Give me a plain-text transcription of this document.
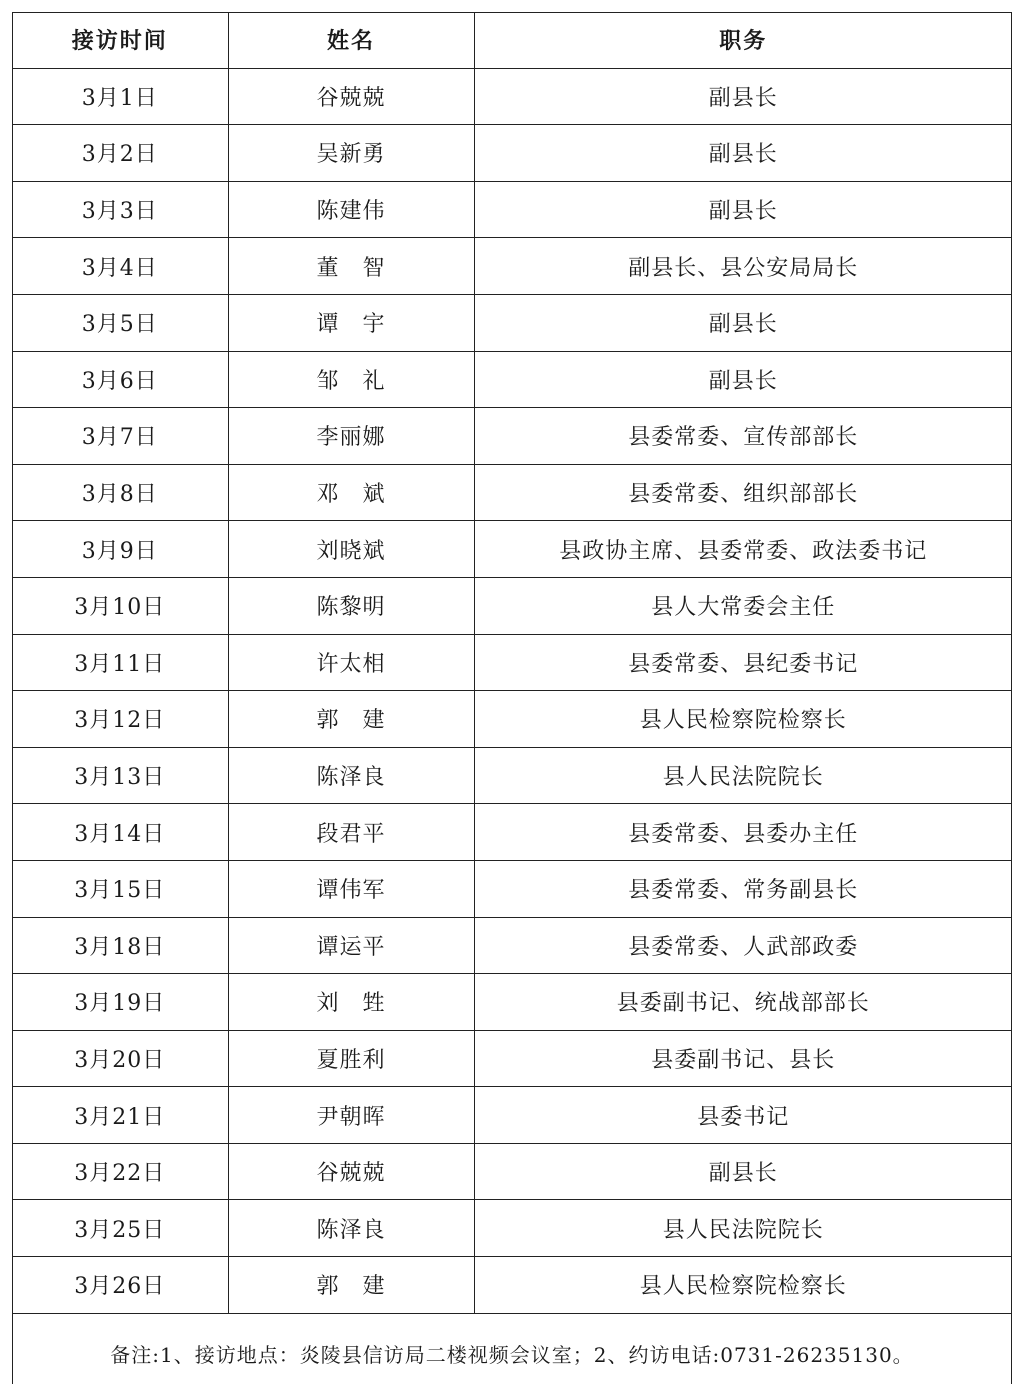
接访时间	姓名	职务
3月1日	谷兢兢	副县长
3月2日	吴新勇	副县长
3月3日	陈建伟	副县长
3月4日	董　智	副县长、县公安局局长
3月5日	谭　宇	副县长
3月6日	邹　礼	副县长
3月7日	李丽娜	县委常委、宣传部部长
3月8日	邓　斌	县委常委、组织部部长
3月9日	刘晓斌	县政协主席、县委常委、政法委书记
3月10日	陈黎明	县人大常委会主任
3月11日	许太相	县委常委、县纪委书记
3月12日	郭　建	县人民检察院检察长
3月13日	陈泽良	县人民法院院长
3月14日	段君平	县委常委、县委办主任
3月15日	谭伟军	县委常委、常务副县长
3月18日	谭运平	县委常委、人武部政委
3月19日	刘　甡	县委副书记、统战部部长
3月20日	夏胜利	县委副书记、县长
3月21日	尹朝晖	县委书记
3月22日	谷兢兢	副县长
3月25日	陈泽良	县人民法院院长
3月26日	郭　建	县人民检察院检察长
备注:1、接访地点：炎陵县信访局二楼视频会议室；2、约访电话:0731-26235130。
